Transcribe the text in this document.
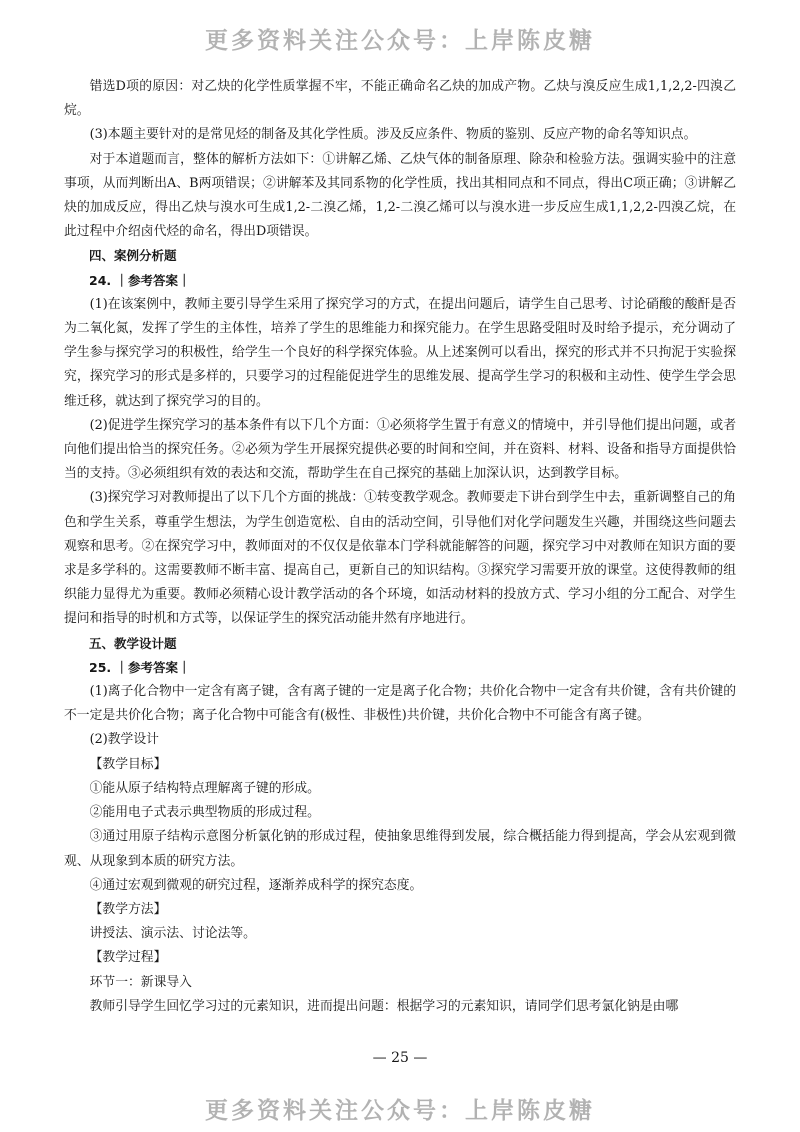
更多资料关注公众号：上岸陈皮糖

错选D项的原因：对乙炔的化学性质掌握不牢，不能正确命名乙炔的加成产物。乙炔与溴反应生成1,1,2,2-四溴乙烷。

(3)本题主要针对的是常见烃的制备及其化学性质。涉及反应条件、物质的鉴别、反应产物的命名等知识点。

对于本道题而言，整体的解析方法如下：①讲解乙烯、乙炔气体的制备原理、除杂和检验方法。强调实验中的注意事项，从而判断出A、B两项错误；②讲解苯及其同系物的化学性质，找出其相同点和不同点，得出C项正确；③讲解乙炔的加成反应，得出乙炔与溴水可生成1,2-二溴乙烯，1,2-二溴乙烯可以与溴水进一步反应生成1,1,2,2-四溴乙烷，在此过程中介绍卤代烃的命名，得出D项错误。

四、案例分析题

24. ｜参考答案｜

(1)在该案例中，教师主要引导学生采用了探究学习的方式，在提出问题后，请学生自己思考、讨论硝酸的酸酐是否为二氧化氮，发挥了学生的主体性，培养了学生的思维能力和探究能力。在学生思路受阻时及时给予提示，充分调动了学生参与探究学习的积极性，给学生一个良好的科学探究体验。从上述案例可以看出，探究的形式并不只拘泥于实验探究，探究学习的形式是多样的，只要学习的过程能促进学生的思维发展、提高学生学习的积极和主动性、使学生学会思维迁移，就达到了探究学习的目的。

(2)促进学生探究学习的基本条件有以下几个方面：①必须将学生置于有意义的情境中，并引导他们提出问题，或者向他们提出恰当的探究任务。②必须为学生开展探究提供必要的时间和空间，并在资料、材料、设备和指导方面提供恰当的支持。③必须组织有效的表达和交流，帮助学生在自己探究的基础上加深认识，达到教学目标。

(3)探究学习对教师提出了以下几个方面的挑战：①转变教学观念。教师要走下讲台到学生中去，重新调整自己的角色和学生关系，尊重学生想法，为学生创造宽松、自由的活动空间，引导他们对化学问题发生兴趣，并围绕这些问题去观察和思考。②在探究学习中，教师面对的不仅仅是依靠本门学科就能解答的问题，探究学习中对教师在知识方面的要求是多学科的。这需要教师不断丰富、提高自己，更新自己的知识结构。③探究学习需要开放的课堂。这使得教师的组织能力显得尤为重要。教师必须精心设计教学活动的各个环境，如活动材料的投放方式、学习小组的分工配合、对学生提问和指导的时机和方式等，以保证学生的探究活动能井然有序地进行。

五、教学设计题

25. ｜参考答案｜

(1)离子化合物中一定含有离子键，含有离子键的一定是离子化合物；共价化合物中一定含有共价键，含有共价键的不一定是共价化合物；离子化合物中可能含有(极性、非极性)共价键，共价化合物中不可能含有离子键。

(2)教学设计

【教学目标】

①能从原子结构特点理解离子键的形成。

②能用电子式表示典型物质的形成过程。

③通过用原子结构示意图分析氯化钠的形成过程，使抽象思维得到发展，综合概括能力得到提高，学会从宏观到微观、从现象到本质的研究方法。

④通过宏观到微观的研究过程，逐渐养成科学的探究态度。

【教学方法】

讲授法、演示法、讨论法等。

【教学过程】

环节一：新课导入

教师引导学生回忆学习过的元素知识，进而提出问题：根据学习的元素知识，请同学们思考氯化钠是由哪

— 25 —
更多资料关注公众号：上岸陈皮糖
